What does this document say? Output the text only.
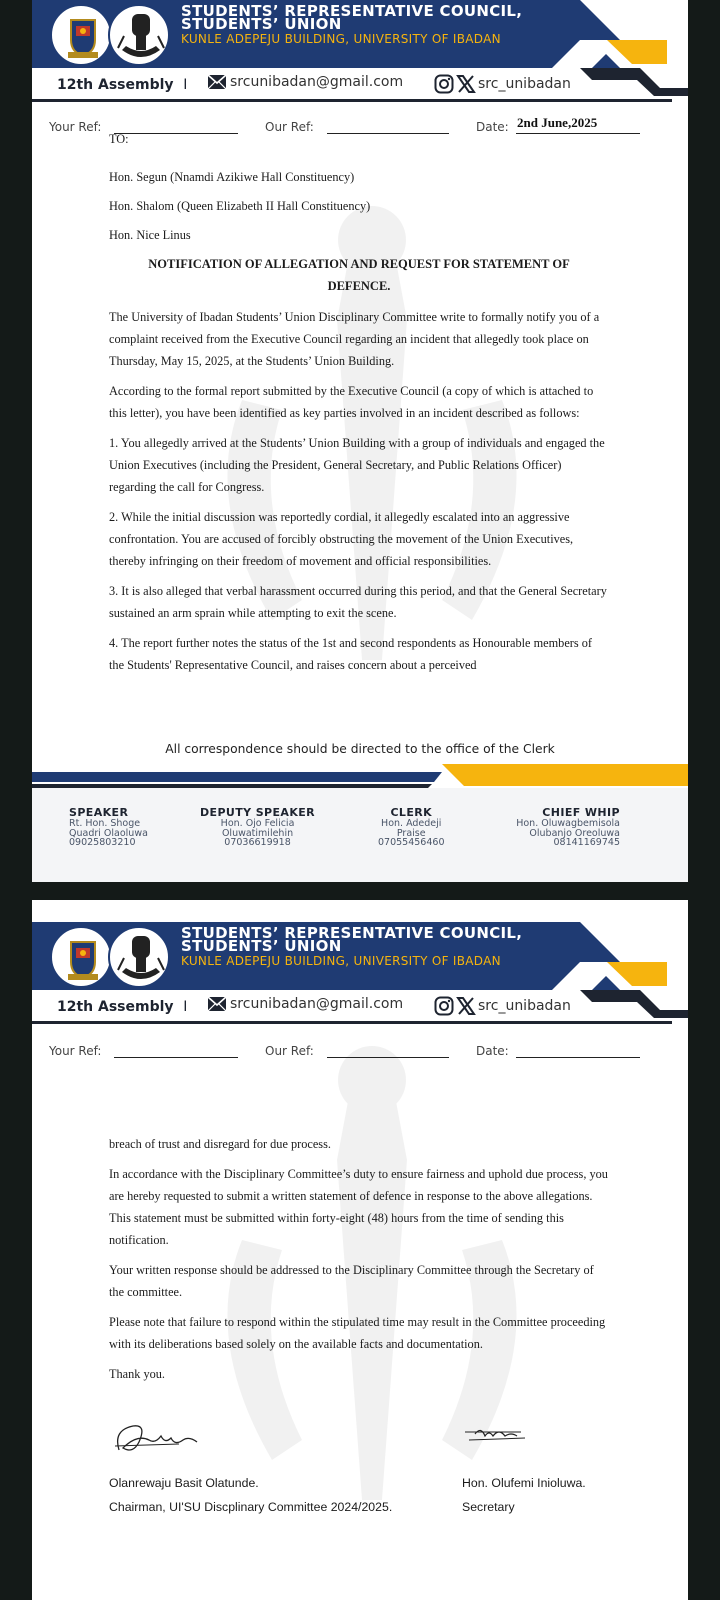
STUDENTS’ REPRESENTATIVE COUNCIL,
STUDENTS’ UNION
KUNLE ADEPEJU BUILDING, UNIVERSITY OF IBADAN
12th Assembly I	srcunibadan@gmail.com	src_unibadan
Your Ref:	Our Ref:	Date: 2nd June,2025

TO:

Hon. Segun (Nnamdi Azikiwe Hall Constituency)

Hon. Shalom (Queen Elizabeth II Hall Constituency)

Hon. Nice Linus

NOTIFICATION OF ALLEGATION AND REQUEST FOR STATEMENT OF
DEFENCE.

The University of Ibadan Students’ Union Disciplinary Committee write to formally notify you of a complaint received from the Executive Council regarding an incident that allegedly took place on Thursday, May 15, 2025, at the Students’ Union Building.

According to the formal report submitted by the Executive Council (a copy of which is attached to this letter), you have been identified as key parties involved in an incident described as follows:

1. You allegedly arrived at the Students’ Union Building with a group of individuals and engaged the Union Executives (including the President, General Secretary, and Public Relations Officer) regarding the call for Congress.

2. While the initial discussion was reportedly cordial, it allegedly escalated into an aggressive confrontation. You are accused of forcibly obstructing the movement of the Union Executives, thereby infringing on their freedom of movement and official responsibilities.

3. It is also alleged that verbal harassment occurred during this period, and that the General Secretary sustained an arm sprain while attempting to exit the scene.

4. The report further notes the status of the 1st and second respondents as Honourable members of the Students' Representative Council, and raises concern about a perceived

All correspondence should be directed to the office of the Clerk
SPEAKER
Rt. Hon. Shoge
Quadri Olaoluwa
09025803210
DEPUTY SPEAKER
Hon. Ojo Felicia
Oluwatimilehin
07036619918
CLERK
Hon. Adedeji
Praise
07055456460
CHIEF WHIP
Hon. Oluwagbemisola
Olubanjo Oreoluwa
08141169745
STUDENTS’ REPRESENTATIVE COUNCIL,
STUDENTS’ UNION
KUNLE ADEPEJU BUILDING, UNIVERSITY OF IBADAN
12th Assembly I	srcunibadan@gmail.com	src_unibadan
Your Ref:	Our Ref:	Date:

breach of trust and disregard for due process.

In accordance with the Disciplinary Committee’s duty to ensure fairness and uphold due process, you are hereby requested to submit a written statement of defence in response to the above allegations. This statement must be submitted within forty-eight (48) hours from the time of sending this notification.

Your written response should be addressed to the Disciplinary Committee through the Secretary of the committee.

Please note that failure to respond within the stipulated time may result in the Committee proceeding with its deliberations based solely on the available facts and documentation.

Thank you.

Olanrewaju Basit Olatunde.
Chairman, UI'SU Discplinary Committee 2024/2025.
Hon. Olufemi Inioluwa.
Secretary
